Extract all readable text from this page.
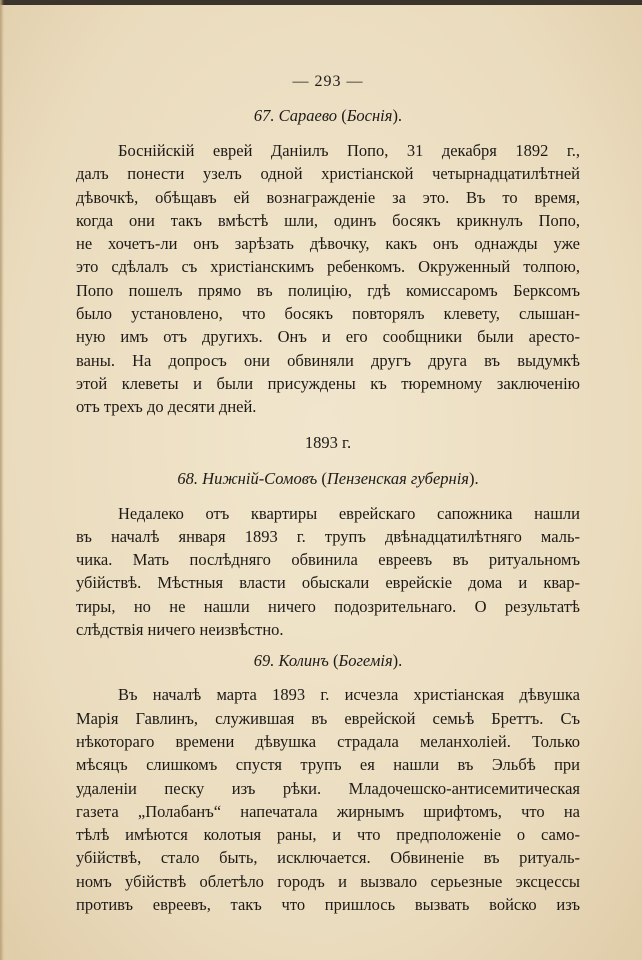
— 293 —
67. Сараево (Боснія).
Боснійскій еврей Даніилъ Попо, 31 декабря 1892 г.,
далъ понести узелъ одной христіанской четырнадцатилѣтней
дѣвочкѣ, обѣщавъ ей вознагражденіе за это. Въ то время,
когда они такъ вмѣстѣ шли, одинъ босякъ крикнулъ Попо,
не хочетъ-ли онъ зарѣзать дѣвочку, какъ онъ однажды уже
это сдѣлалъ съ христіанскимъ ребенкомъ. Окруженный толпою,
Попо пошелъ прямо въ полицію, гдѣ комиссаромъ Берксомъ
было установлено, что босякъ повторялъ клевету, слышан-
ную имъ отъ другихъ. Онъ и его сообщники были аресто-
ваны. На допросъ они обвиняли другъ друга въ выдумкѣ
этой клеветы и были присуждены къ тюремному заключенію
отъ трехъ до десяти дней.
1893 г.
68. Нижній-Сомовъ (Пензенская губернія).
Недалеко отъ квартиры еврейскаго сапожника нашли
въ началѣ января 1893 г. трупъ двѣнадцатилѣтняго маль-
чика. Мать послѣдняго обвинила евреевъ въ ритуальномъ
убійствѣ. Мѣстныя власти обыскали еврейскіе дома и квар-
тиры, но не нашли ничего подозрительнаго. О результатѣ
слѣдствія ничего неизвѣстно.
69. Колинъ (Богемія).
Въ началѣ марта 1893 г. исчезла христіанская дѣвушка
Марія Гавлинъ, служившая въ еврейской семьѣ Бреттъ. Съ
нѣкотораго времени дѣвушка страдала меланхоліей. Только
мѣсяцъ слишкомъ спустя трупъ ея нашли въ Эльбѣ при
удаленіи песку изъ рѣки. Младочешско-антисемитическая
газета „Полабанъ“ напечатала жирнымъ шрифтомъ, что на
тѣлѣ имѣются колотыя раны, и что предположеніе о само-
убійствѣ, стало быть, исключается. Обвиненіе въ ритуаль-
номъ убійствѣ облетѣло городъ и вызвало серьезные эксцессы
противъ евреевъ, такъ что пришлось вызвать войско изъ
